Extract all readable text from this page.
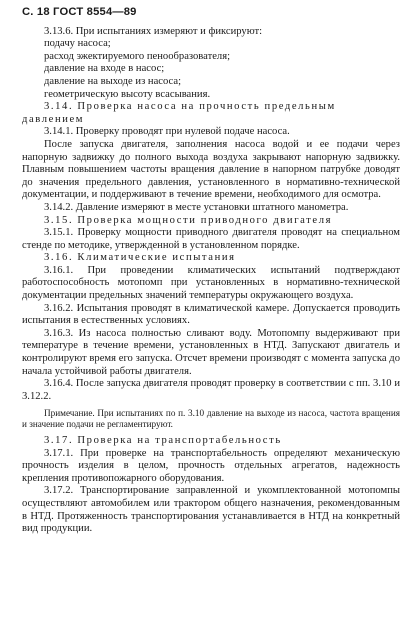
С. 18 ГОСТ 8554—89

3.13.6. При испытаниях измеряют и фиксируют:

подачу насоса;

расход эжектируемого пенообразователя;

давление на входе в насос;

давление на выходе из насоса;

геометрическую высоту всасывания.

3.14. Проверка насоса на прочность предельным давлением

3.14.1. Проверку проводят при нулевой подаче насоса.

После запуска двигателя, заполнения насоса водой и ее подачи через напорную задвижку до полного выхода воздуха закрывают напорную задвижку. Плавным повышением частоты вращения давление в напорном патрубке доводят до значения предельного давления, установленного в нормативно-технической документации, и поддерживают в течение времени, необходимого для осмотра.

3.14.2. Давление измеряют в месте установки штатного манометра.

3.15. Проверка мощности приводного двигателя

3.15.1. Проверку мощности приводного двигателя проводят на специальном стенде по методике, утвержденной в установленном порядке.

3.16. Климатические испытания

3.16.1. При проведении климатических испытаний подтверждают работоспособность мотопомп при установленных в нормативно-технической документации предельных значений температуры окружающего воздуха.

3.16.2. Испытания проводят в климатической камере. Допускается проводить испытания в естественных условиях.

3.16.3. Из насоса полностью сливают воду. Мотопомпу выдерживают при температуре в течение времени, установленных в НТД. Запускают двигатель и контролируют время его запуска. Отсчет времени производят с момента запуска до начала устойчивой работы двигателя.

3.16.4. После запуска двигателя проводят проверку в соответствии с пп. 3.10 и 3.12.2.

Примечание. При испытаниях по п. 3.10 давление на выходе из насоса, частота вращения и значение подачи не регламентируют.

3.17. Проверка на транспортабельность

3.17.1. При проверке на транспортабельность определяют механическую прочность изделия в целом, прочность отдельных агрегатов, надежность крепления противопожарного оборудования.

3.17.2. Транспортирование заправленной и укомплектованной мотопомпы осуществляют автомобилем или трактором общего назначения, рекомендованным в НТД. Протяженность транспортирования устанавливается в НТД на конкретный вид продукции.
